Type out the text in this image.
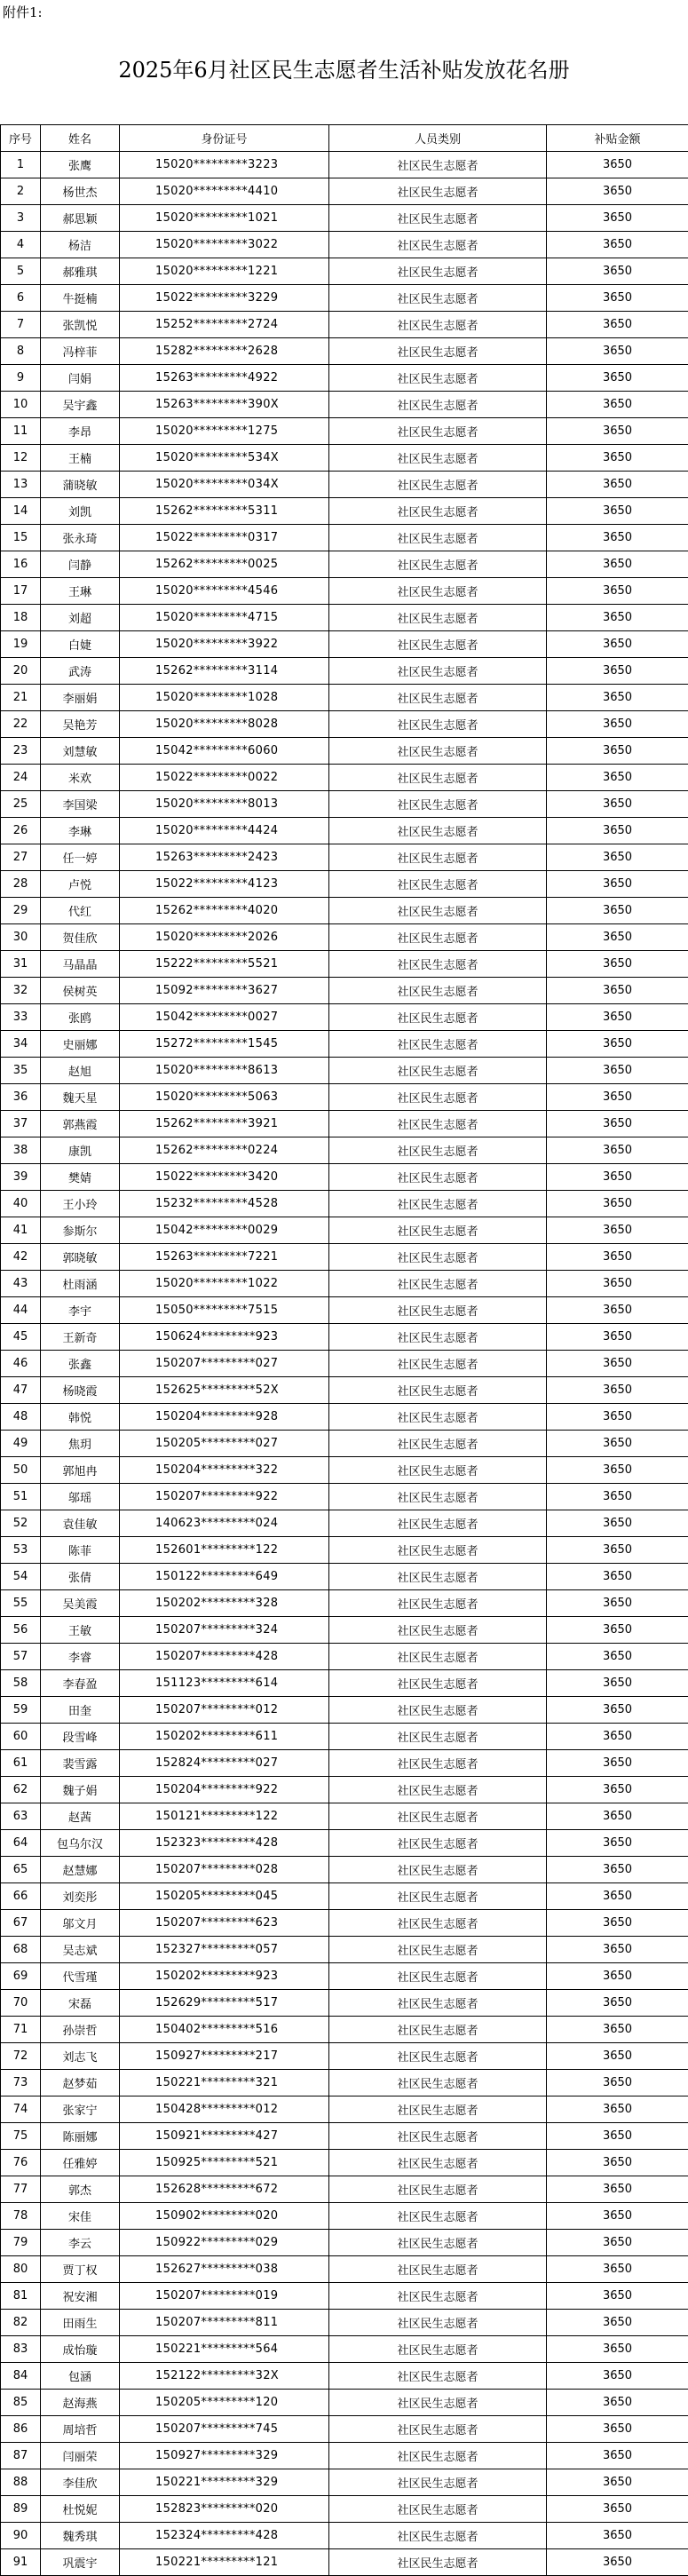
附件1:
2025年6月社区民生志愿者生活补贴发放花名册
序号	姓名	身份证号	人员类别	补贴金额
1	张鹰	15020*********3223	社区民生志愿者	3650
2	杨世杰	15020*********4410	社区民生志愿者	3650
3	郝思颖	15020*********1021	社区民生志愿者	3650
4	杨洁	15020*********3022	社区民生志愿者	3650
5	郝雅琪	15020*********1221	社区民生志愿者	3650
6	牛挺楠	15022*********3229	社区民生志愿者	3650
7	张凯悦	15252*********2724	社区民生志愿者	3650
8	冯梓菲	15282*********2628	社区民生志愿者	3650
9	闫娟	15263*********4922	社区民生志愿者	3650
10	吴宇鑫	15263*********390X	社区民生志愿者	3650
11	李昂	15020*********1275	社区民生志愿者	3650
12	王楠	15020*********534X	社区民生志愿者	3650
13	蒲晓敏	15020*********034X	社区民生志愿者	3650
14	刘凯	15262*********5311	社区民生志愿者	3650
15	张永琦	15022*********0317	社区民生志愿者	3650
16	闫静	15262*********0025	社区民生志愿者	3650
17	王琳	15020*********4546	社区民生志愿者	3650
18	刘超	15020*********4715	社区民生志愿者	3650
19	白婕	15020*********3922	社区民生志愿者	3650
20	武涛	15262*********3114	社区民生志愿者	3650
21	李丽娟	15020*********1028	社区民生志愿者	3650
22	吴艳芳	15020*********8028	社区民生志愿者	3650
23	刘慧敏	15042*********6060	社区民生志愿者	3650
24	米欢	15022*********0022	社区民生志愿者	3650
25	李国梁	15020*********8013	社区民生志愿者	3650
26	李琳	15020*********4424	社区民生志愿者	3650
27	任一婷	15263*********2423	社区民生志愿者	3650
28	卢悦	15022*********4123	社区民生志愿者	3650
29	代红	15262*********4020	社区民生志愿者	3650
30	贺佳欣	15020*********2026	社区民生志愿者	3650
31	马晶晶	15222*********5521	社区民生志愿者	3650
32	侯树英	15092*********3627	社区民生志愿者	3650
33	张鸥	15042*********0027	社区民生志愿者	3650
34	史丽娜	15272*********1545	社区民生志愿者	3650
35	赵旭	15020*********8613	社区民生志愿者	3650
36	魏天星	15020*********5063	社区民生志愿者	3650
37	郭燕霞	15262*********3921	社区民生志愿者	3650
38	康凯	15262*********0224	社区民生志愿者	3650
39	樊婧	15022*********3420	社区民生志愿者	3650
40	王小玲	15232*********4528	社区民生志愿者	3650
41	参斯尔	15042*********0029	社区民生志愿者	3650
42	郭晓敏	15263*********7221	社区民生志愿者	3650
43	杜雨涵	15020*********1022	社区民生志愿者	3650
44	李宇	15050*********7515	社区民生志愿者	3650
45	王新奇	150624*********923	社区民生志愿者	3650
46	张鑫	150207*********027	社区民生志愿者	3650
47	杨晓霞	152625*********52X	社区民生志愿者	3650
48	韩悦	150204*********928	社区民生志愿者	3650
49	焦玥	150205*********027	社区民生志愿者	3650
50	郭旭冉	150204*********322	社区民生志愿者	3650
51	邬瑶	150207*********922	社区民生志愿者	3650
52	袁佳敏	140623*********024	社区民生志愿者	3650
53	陈菲	152601*********122	社区民生志愿者	3650
54	张倩	150122*********649	社区民生志愿者	3650
55	吴美霞	150202*********328	社区民生志愿者	3650
56	王敏	150207*********324	社区民生志愿者	3650
57	李睿	150207*********428	社区民生志愿者	3650
58	李春盈	151123*********614	社区民生志愿者	3650
59	田奎	150207*********012	社区民生志愿者	3650
60	段雪峰	150202*********611	社区民生志愿者	3650
61	裴雪露	152824*********027	社区民生志愿者	3650
62	魏子娟	150204*********922	社区民生志愿者	3650
63	赵茜	150121*********122	社区民生志愿者	3650
64	包乌尔汉	152323*********428	社区民生志愿者	3650
65	赵慧娜	150207*********028	社区民生志愿者	3650
66	刘奕彤	150205*********045	社区民生志愿者	3650
67	邬文月	150207*********623	社区民生志愿者	3650
68	吴志斌	152327*********057	社区民生志愿者	3650
69	代雪瑾	150202*********923	社区民生志愿者	3650
70	宋磊	152629*********517	社区民生志愿者	3650
71	孙崇哲	150402*********516	社区民生志愿者	3650
72	刘志飞	150927*********217	社区民生志愿者	3650
73	赵梦茹	150221*********321	社区民生志愿者	3650
74	张家宁	150428*********012	社区民生志愿者	3650
75	陈丽娜	150921*********427	社区民生志愿者	3650
76	任雅婷	150925*********521	社区民生志愿者	3650
77	郭杰	152628*********672	社区民生志愿者	3650
78	宋佳	150902*********020	社区民生志愿者	3650
79	李云	150922*********029	社区民生志愿者	3650
80	贾丁权	152627*********038	社区民生志愿者	3650
81	祝安湘	150207*********019	社区民生志愿者	3650
82	田雨生	150207*********811	社区民生志愿者	3650
83	成怡璇	150221*********564	社区民生志愿者	3650
84	包涵	152122*********32X	社区民生志愿者	3650
85	赵海燕	150205*********120	社区民生志愿者	3650
86	周培哲	150207*********745	社区民生志愿者	3650
87	闫丽荣	150927*********329	社区民生志愿者	3650
88	李佳欣	150221*********329	社区民生志愿者	3650
89	杜悦妮	152823*********020	社区民生志愿者	3650
90	魏秀琪	152324*********428	社区民生志愿者	3650
91	巩震宇	150221*********121	社区民生志愿者	3650
